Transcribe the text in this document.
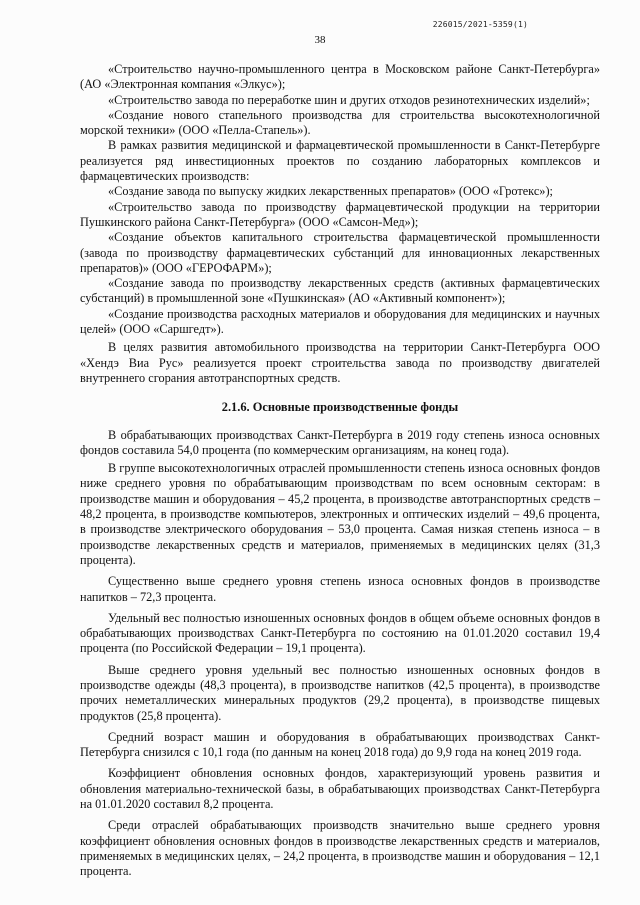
226015/2021-5359(1)
38

«Строительство научно-промышленного центра в Московском районе Санкт-Петербурга» (АО «Электронная компания «Элкус»);

«Строительство завода по переработке шин и других отходов резинотехнических изделий»;

«Создание нового стапельного производства для строительства высокотехнологичной морской техники» (ООО «Пелла-Стапель»).

В рамках развития медицинской и фармацевтической промышленности в Санкт-Петербурге реализуется ряд инвестиционных проектов по созданию лабораторных комплексов и фармацевтических производств:

«Создание завода по выпуску жидких лекарственных препаратов» (ООО «Гротекс»);

«Строительство завода по производству фармацевтической продукции на территории Пушкинского района Санкт-Петербурга» (ООО «Самсон-Мед»);

«Создание объектов капитального строительства фармацевтической промышленности (завода по производству фармацевтических субстанций для инновационных лекарственных препаратов)» (ООО «ГЕРОФАРМ»);

«Создание завода по производству лекарственных средств (активных фармацевтических субстанций) в промышленной зоне «Пушкинская» (АО «Активный компонент»);

«Создание производства расходных материалов и оборудования для медицинских и научных целей» (ООО «Саршгедт»).

В целях развития автомобильного производства на территории Санкт-Петербурга ООО «Хендэ Виа Рус» реализуется проект строительства завода по производству двигателей внутреннего сгорания автотранспортных средств.

2.1.6. Основные производственные фонды

В обрабатывающих производствах Санкт-Петербурга в 2019 году степень износа основных фондов составила 54,0 процента (по коммерческим организациям, на конец года).

В группе высокотехнологичных отраслей промышленности степень износа основных фондов ниже среднего уровня по обрабатывающим производствам по всем основным секторам: в производстве машин и оборудования – 45,2 процента, в производстве автотранспортных средств – 48,2 процента, в производстве компьютеров, электронных и оптических изделий – 49,6 процента, в производстве электрического оборудования – 53,0 процента. Самая низкая степень износа – в производстве лекарственных средств и материалов, применяемых в медицинских целях (31,3 процента).

Существенно выше среднего уровня степень износа основных фондов в производстве напитков – 72,3 процента.

Удельный вес полностью изношенных основных фондов в общем объеме основных фондов в обрабатывающих производствах Санкт-Петербурга по состоянию на 01.01.2020 составил 19,4 процента (по Российской Федерации – 19,1 процента).

Выше среднего уровня удельный вес полностью изношенных основных фондов в производстве одежды (48,3 процента), в производстве напитков (42,5 процента), в производстве прочих неметаллических минеральных продуктов (29,2 процента), в производстве пищевых продуктов (25,8 процента).

Средний возраст машин и оборудования в обрабатывающих производствах Санкт-Петербурга снизился с 10,1 года (по данным на конец 2018 года) до 9,9 года на конец 2019 года.

Коэффициент обновления основных фондов, характеризующий уровень развития и обновления материально-технической базы, в обрабатывающих производствах Санкт-Петербурга на 01.01.2020 составил 8,2 процента.

Среди отраслей обрабатывающих производств значительно выше среднего уровня коэффициент обновления основных фондов в производстве лекарственных средств и материалов, применяемых в медицинских целях, – 24,2 процента, в производстве машин и оборудования – 12,1 процента.
